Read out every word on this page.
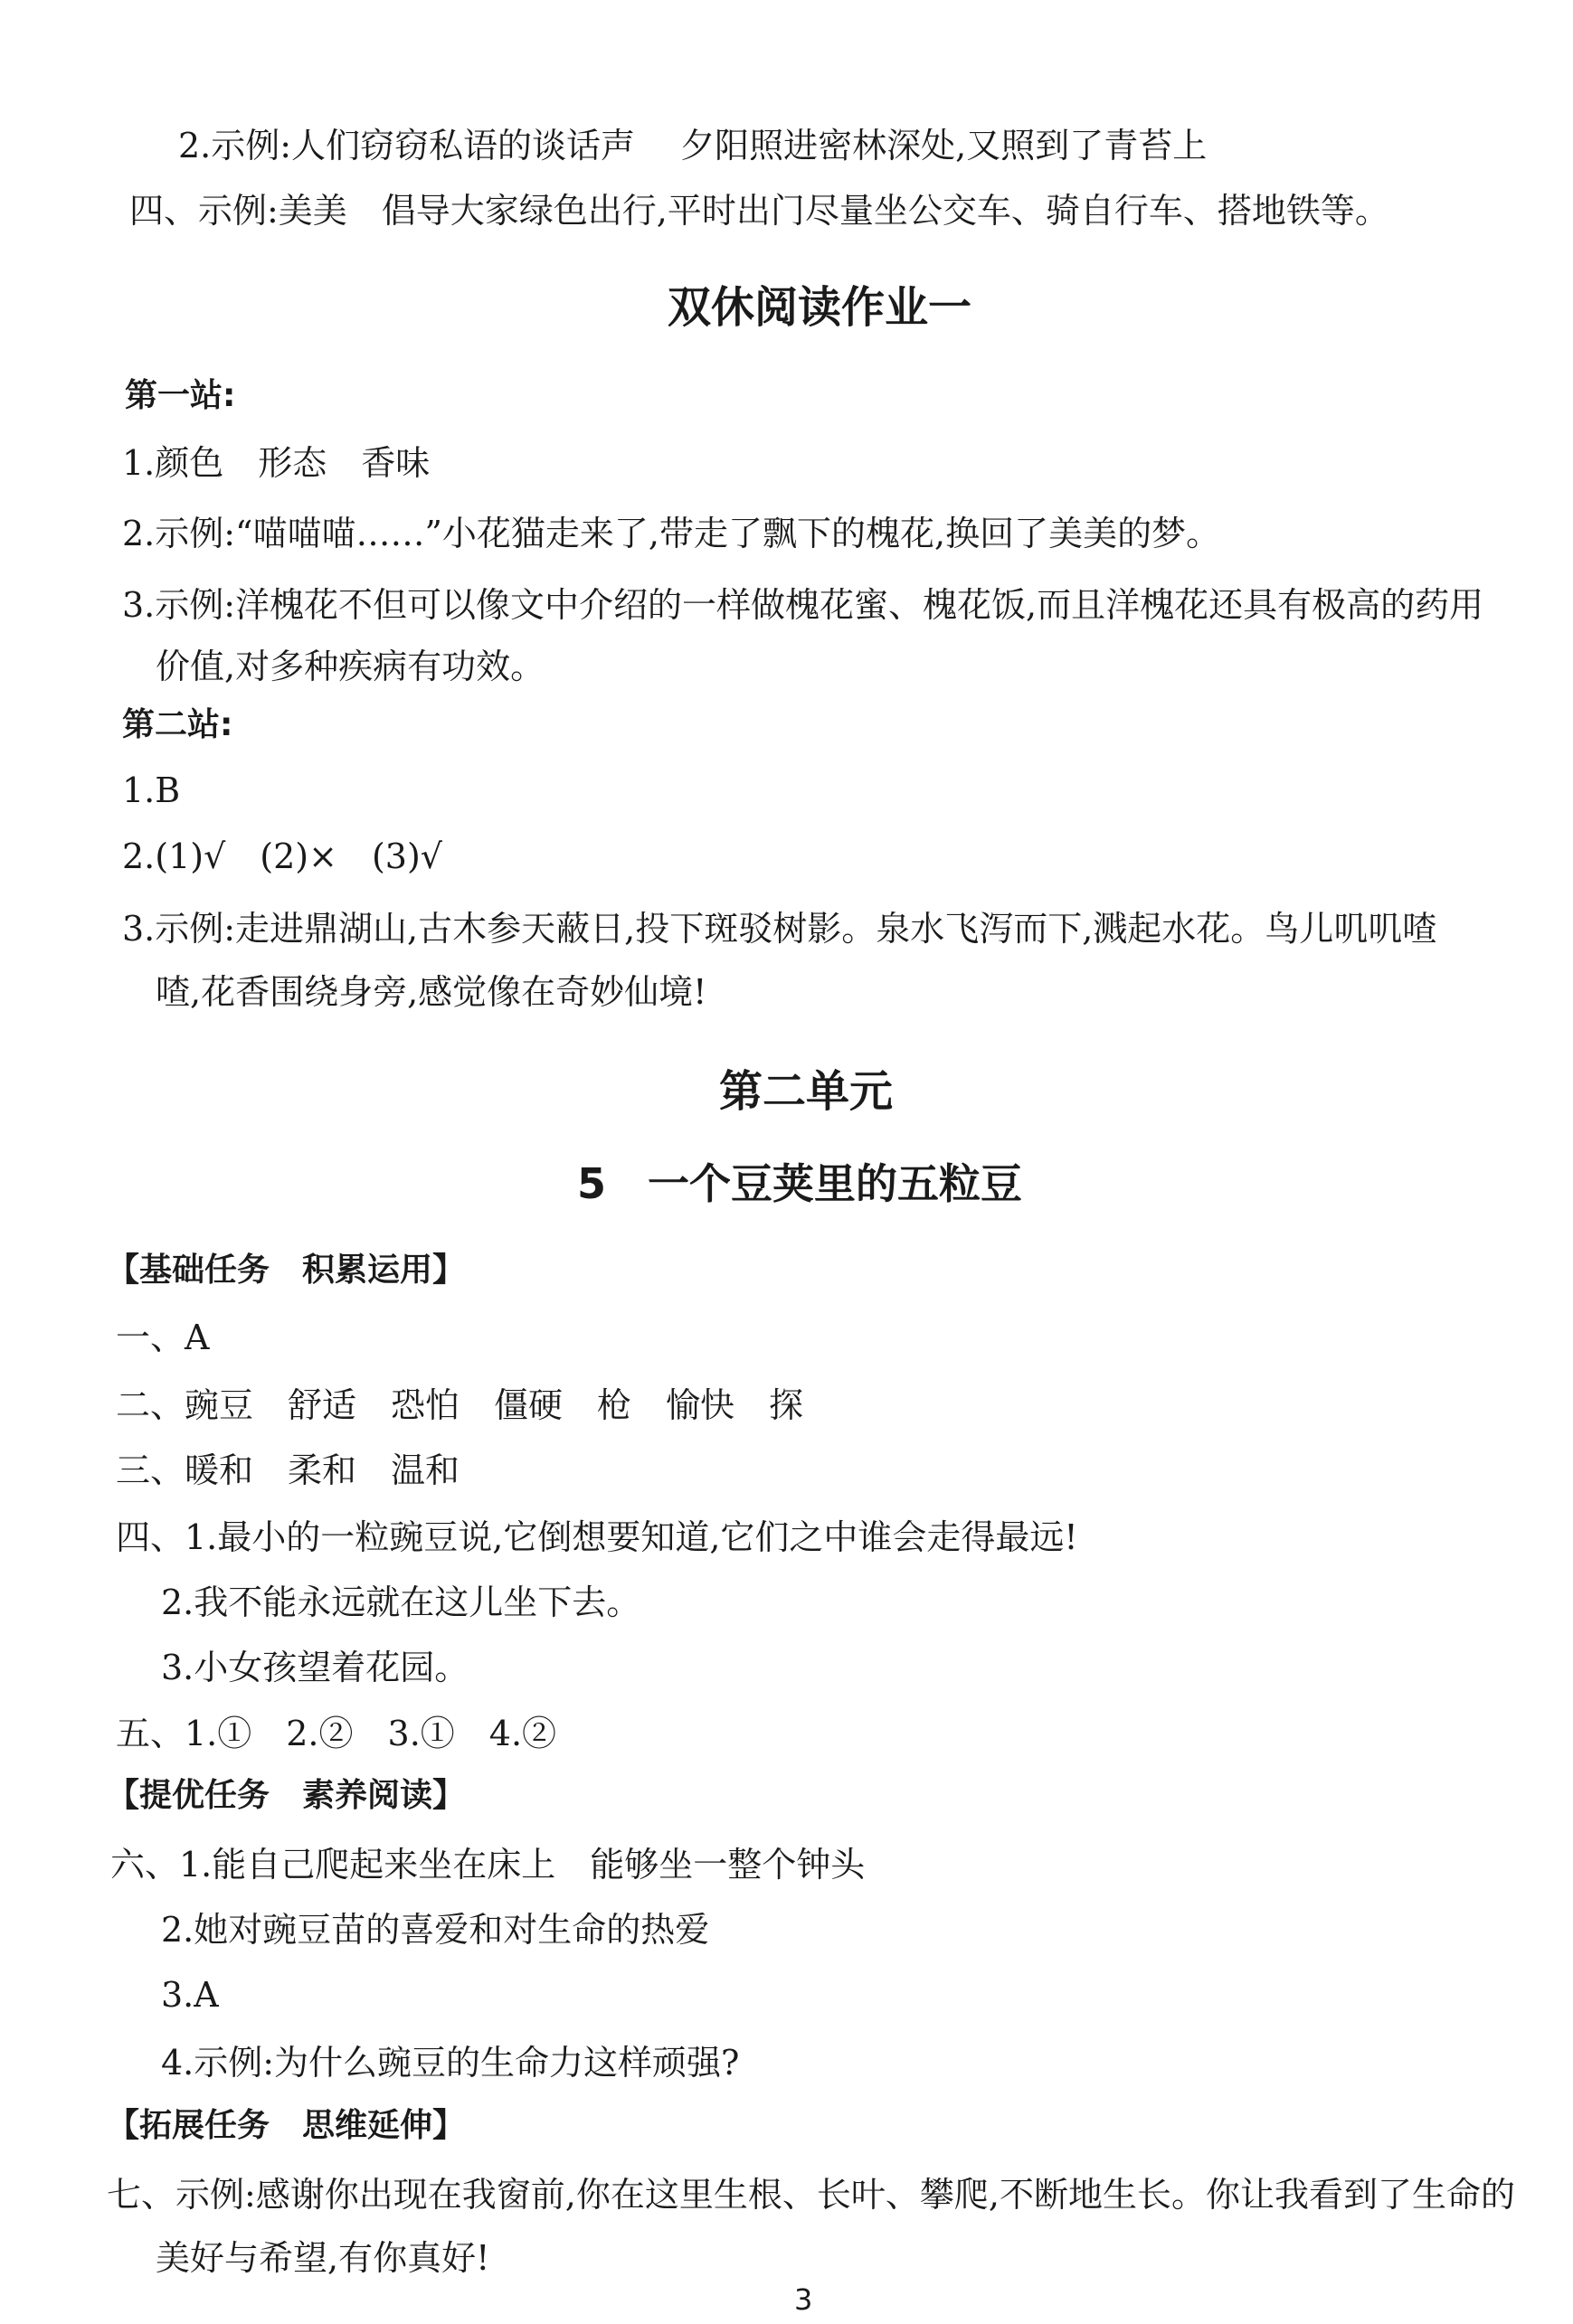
2.示例:人们窃窃私语的谈话声　 夕阳照进密林深处,又照到了青苔上
四、示例:美美　倡导大家绿色出行,平时出门尽量坐公交车、骑自行车、搭地铁等。
双休阅读作业一
第一站:
1.颜色　形态　香味
2.示例:“喵喵喵……”小花猫走来了,带走了飘下的槐花,换回了美美的梦。
3.示例:洋槐花不但可以像文中介绍的一样做槐花蜜、槐花饭,而且洋槐花还具有极高的药用
价值,对多种疾病有功效。
第二站:
1.B
2.(1)√　(2)×　(3)√
3.示例:走进鼎湖山,古木参天蔽日,投下斑驳树影。泉水飞泻而下,溅起水花。鸟儿叽叽喳
喳,花香围绕身旁,感觉像在奇妙仙境!
第二单元
5　一个豆荚里的五粒豆
【基础任务　积累运用】
一、A
二、豌豆　舒适　恐怕　僵硬　枪　愉快　探
三、暖和　柔和　温和
四、1.最小的一粒豌豆说,它倒想要知道,它们之中谁会走得最远!
2.我不能永远就在这儿坐下去。
3.小女孩望着花园。
五、1.①　2.②　3.①　4.②
【提优任务　素养阅读】
六、1.能自己爬起来坐在床上　能够坐一整个钟头
2.她对豌豆苗的喜爱和对生命的热爱
3.A
4.示例:为什么豌豆的生命力这样顽强?
【拓展任务　思维延伸】
七、示例:感谢你出现在我窗前,你在这里生根、长叶、攀爬,不断地生长。你让我看到了生命的
美好与希望,有你真好!
3
